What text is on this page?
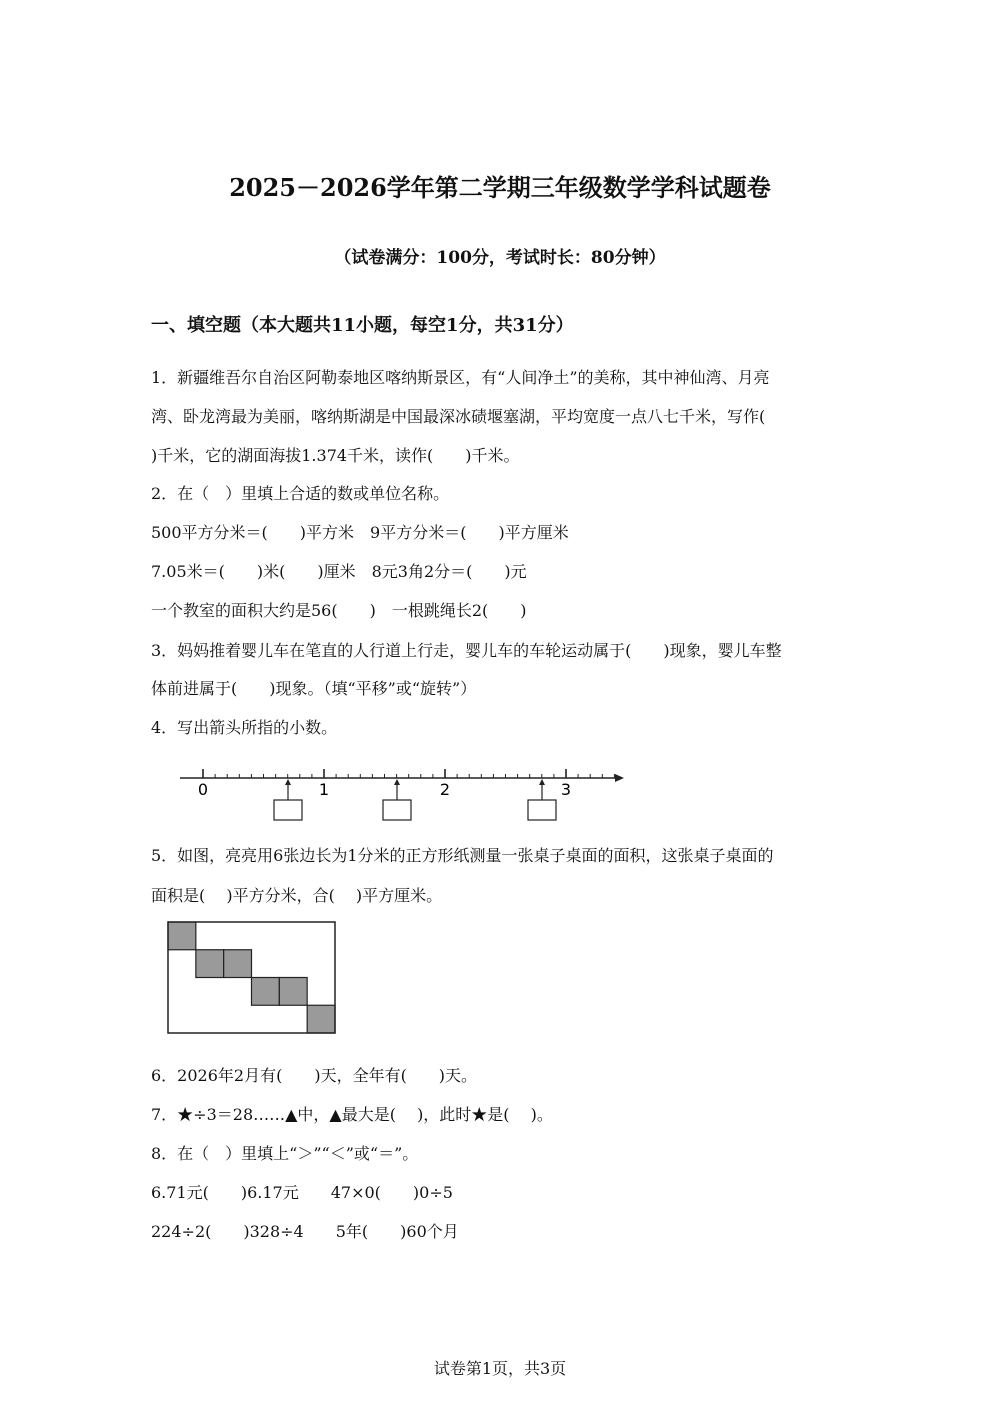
2025－2026学年第二学期三年级数学学科试题卷
（试卷满分：100分，考试时长：80分钟）
一、填空题（本大题共11小题，每空1分，共31分）
1．新疆维吾尔自治区阿勒泰地区喀纳斯景区，有“人间净土”的美称，其中神仙湾、月亮
湾、卧龙湾最为美丽，喀纳斯湖是中国最深冰碛堰塞湖，平均宽度一点八七千米，写作(
)千米，它的湖面海拔1.374千米，读作(　　)千米。
2．在（　）里填上合适的数或单位名称。
500平方分米＝(　　)平方米　9平方分米＝(　　)平方厘米
7.05米＝(　　)米(　　)厘米　8元3角2分＝(　　)元
一个教室的面积大约是56(　　)　一根跳绳长2(　　)
3．妈妈推着婴儿车在笔直的人行道上行走，婴儿车的车轮运动属于(　　)现象，婴儿车整
体前进属于(　　)现象。（填“平移”或“旋转”）
4．写出箭头所指的小数。
0	1	2	3
5．如图，亮亮用6张边长为1分米的正方形纸测量一张桌子桌面的面积，这张桌子桌面的
面积是(　 )平方分米，合(　 )平方厘米。
6．2026年2月有(　　)天，全年有(　　)天。
7．★÷3＝28……▲中，▲最大是(　 )，此时★是(　 )。
8．在（　）里填上“＞”“＜”或“＝”。
6.71元(　　)6.17元　　47×0(　　)0÷5
224÷2(　　)328÷4　　5年(　　)60个月
试卷第1页，共3页
